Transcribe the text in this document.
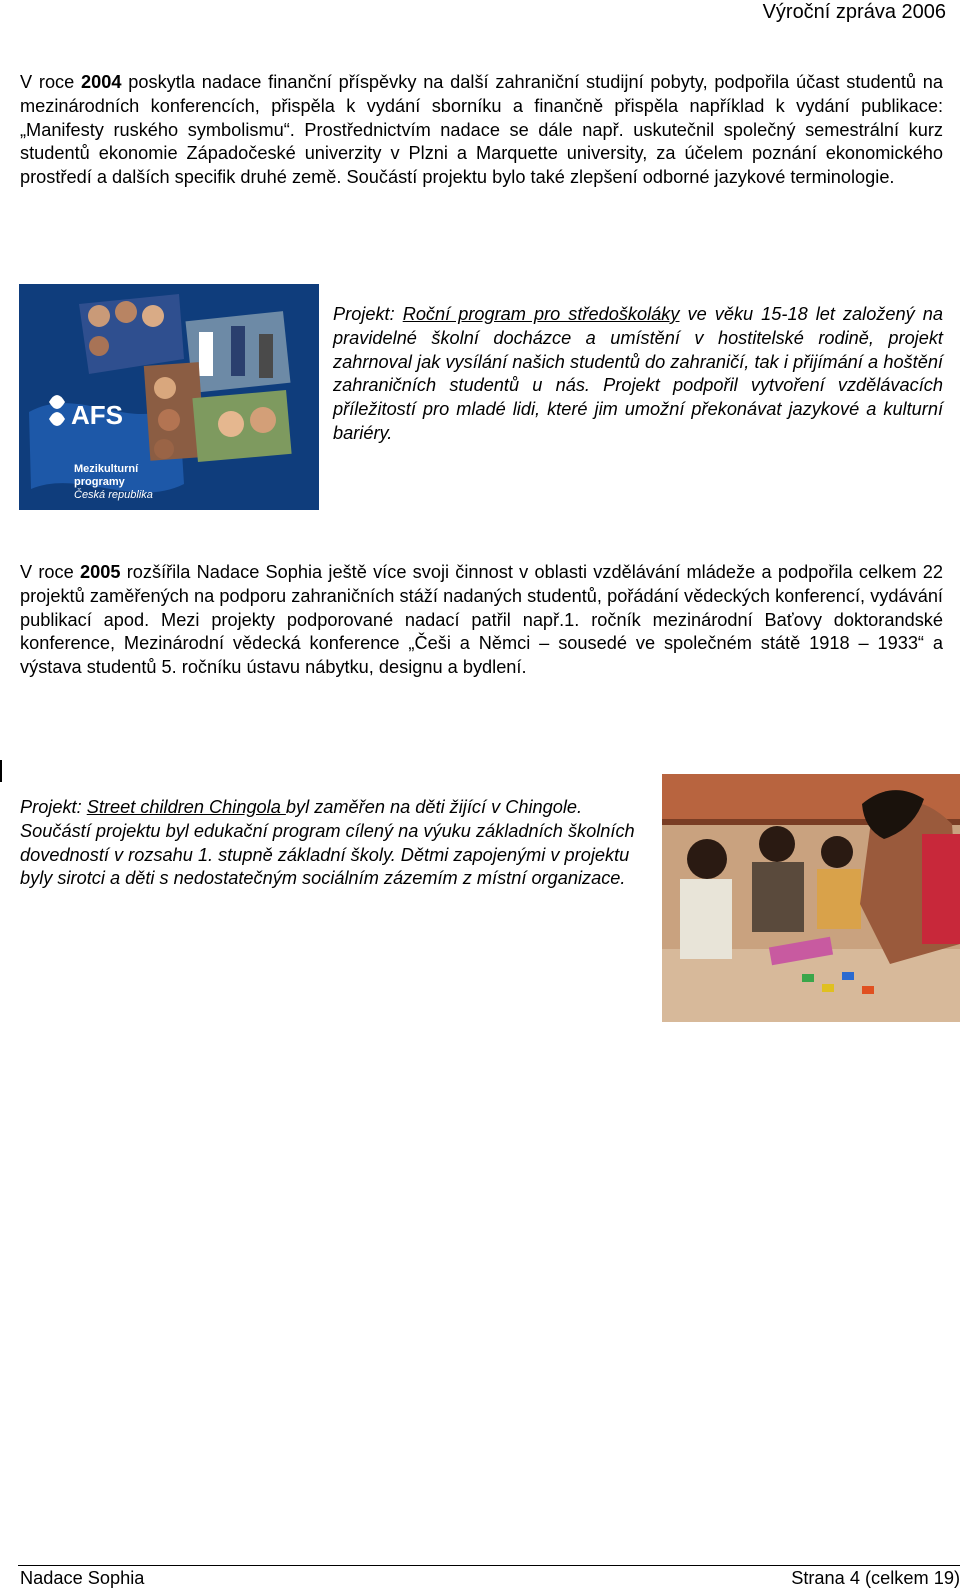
Výroční zpráva 2006
V roce 2004 poskytla nadace finanční příspěvky na další zahraniční studijní pobyty, podpořila účast studentů na mezinárodních konferencích, přispěla k vydání sborníku a finančně přispěla například k vydání publikace: „Manifesty ruského symbolismu“. Prostřednictvím nadace se dále např. uskutečnil společný semestrální kurz studentů ekonomie Západočeské univerzity v Plzni a Marquette university, za účelem poznání ekonomického prostředí a dalších specifik druhé země. Součástí projektu bylo také zlepšení odborné jazykové terminologie.
AFS
Mezikulturní
programy
Česká republika
Projekt: Roční program pro středoškoláky ve věku 15-18 let založený na pravidelné školní docházce a umístění v hostitelské rodině, projekt zahrnoval jak vysílání našich studentů do zahraničí, tak i přijímání a hoštění zahraničních studentů u nás. Projekt podpořil vytvoření vzdělávacích příležitostí pro mladé lidi, které jim umožní překonávat jazykové a kulturní bariéry.
V roce 2005 rozšířila Nadace Sophia ještě více svoji činnost v oblasti vzdělávání mládeže a podpořila celkem 22 projektů zaměřených na podporu zahraničních stáží nadaných studentů, pořádání vědeckých konferencí, vydávání publikací apod. Mezi projekty podporované nadací patřil např.1. ročník mezinárodní Baťovy doktorandské konference, Mezinárodní vědecká konference „Češi a Němci – sousedé ve společném státě 1918 – 1933“ a výstava studentů 5. ročníku ústavu nábytku, designu a bydlení.
Projekt: Street children Chingola byl zaměřen na děti žijící v Chingole. Součástí projektu byl edukační program cílený na výuku základních školních dovedností v rozsahu 1. stupně základní školy. Dětmi zapojenými v projektu byly sirotci a děti s nedostatečným sociálním zázemím z místní organizace.
Nadace Sophia	Strana 4 (celkem 19)
